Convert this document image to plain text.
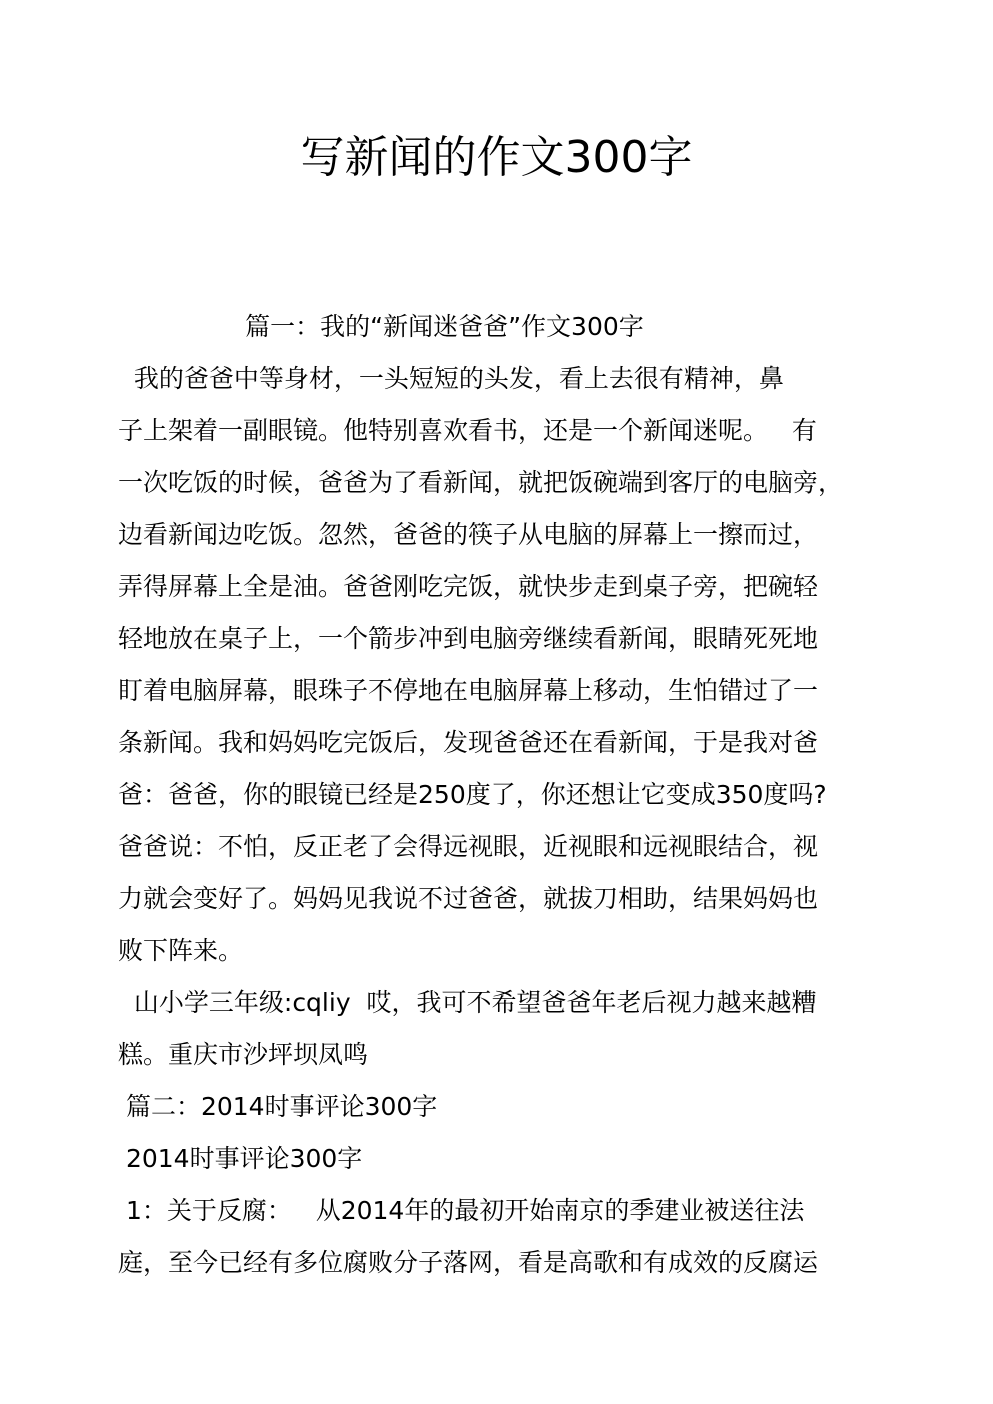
写新闻的作文300字

篇一：我的“新闻迷爸爸”作文300字

我的爸爸中等身材，一头短短的头发，看上去很有精神，鼻

子上架着一副眼镜。他特别喜欢看书，还是一个新闻迷呢。   有

一次吃饭的时候，爸爸为了看新闻，就把饭碗端到客厅的电脑旁，

边看新闻边吃饭。忽然，爸爸的筷子从电脑的屏幕上一擦而过，

弄得屏幕上全是油。爸爸刚吃完饭，就快步走到桌子旁，把碗轻

轻地放在桌子上，一个箭步冲到电脑旁继续看新闻，眼睛死死地

盯着电脑屏幕，眼珠子不停地在电脑屏幕上移动，生怕错过了一

条新闻。我和妈妈吃完饭后，发现爸爸还在看新闻，于是我对爸

爸：爸爸，你的眼镜已经是250度了，你还想让它变成350度吗?

爸爸说：不怕，反正老了会得远视眼，近视眼和远视眼结合，视

力就会变好了。妈妈见我说不过爸爸，就拔刀相助，结果妈妈也

败下阵来。

山小学三年级:cqliy  哎，我可不希望爸爸年老后视力越来越糟

糕。重庆市沙坪坝凤鸣

篇二：2014时事评论300字

2014时事评论300字

1：关于反腐：   从2014年的最初开始南京的季建业被送往法

庭，至今已经有多位腐败分子落网，看是高歌和有成效的反腐运
